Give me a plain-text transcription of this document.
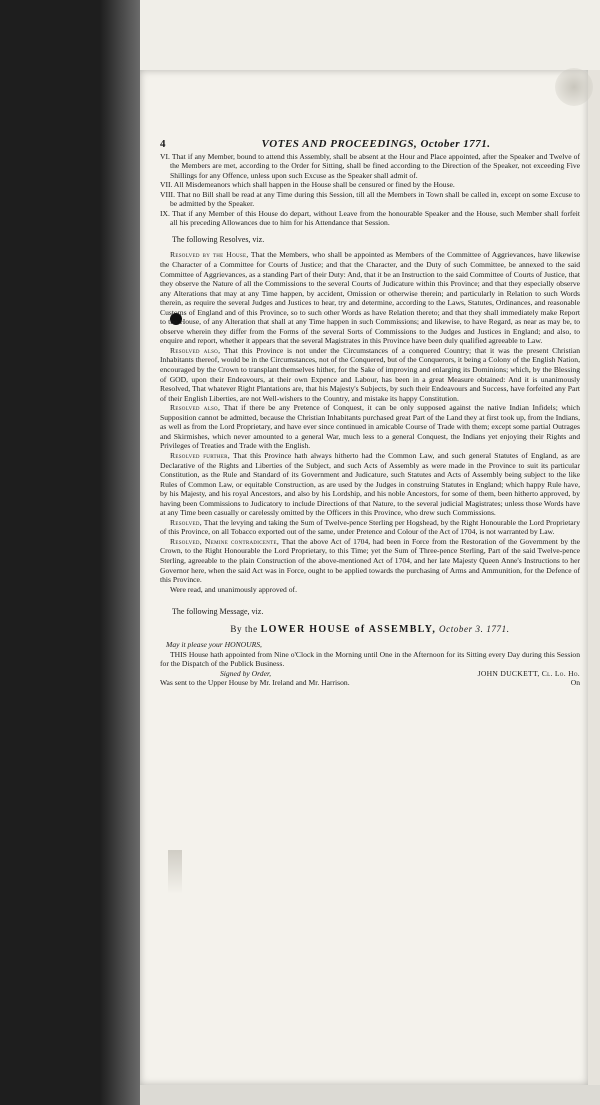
4	VOTES AND PROCEEDINGS, October 1771.

VI. That if any Member, bound to attend this Assembly, shall be absent at the Hour and Place appointed, after the Speaker and Twelve of the Members are met, according to the Order for Sitting, shall be fined according to the Direction of the Speaker, not exceeding Five Shillings for any Offence, unless upon such Excuse as the Speaker shall admit of.

VII. All Misdemeanors which shall happen in the House shall be censured or fined by the House.

VIII. That no Bill shall be read at any Time during this Session, till all the Members in Town shall be called in, except on some Excuse to be admitted by the Speaker.

IX. That if any Member of this House do depart, without Leave from the honourable Speaker and the House, such Member shall forfeit all his preceding Allowances due to him for his Attendance that Session.

The following Resolves, viz.

Resolved by the House, That the Members, who shall be appointed as Members of the Committee of Aggrievances, have likewise the Character of a Committee for Courts of Justice; and that the Character, and the Duty of such Committee, be annexed to the said Committee of Aggrievances, as a standing Part of their Duty: And, that it be an Instruction to the said Committee of Courts of Justice, that they observe the Nature of all the Commissions to the several Courts of Judicature within this Province; and that they especially observe any Alterations that may at any Time happen, by accident, Omission or otherwise therein; and particularly in Relation to such Words therein, as require the several Judges and Justices to hear, try and determine, according to the Laws, Statutes, Ordinances, and reasonable Customs of England and of this Province, so to such other Words as have Relation thereto; and that they shall immediately make Report to the House, of any Alteration that shall at any Time happen in such Commissions; and likewise, to have Regard, as near as may be, to observe wherein they differ from the Forms of the several Sorts of Commissions to the Judges and Justices in England; and also, to enquire and report, whether it appears that the several Magistrates in this Province have been duly qualified agreeable to Law.

Resolved also, That this Province is not under the Circumstances of a conquered Country; that it was the present Christian Inhabitants thereof, would be in the Circumstances, not of the Conquered, but of the Conquerors, it being a Colony of the English Nation, encouraged by the Crown to transplant themselves hither, for the Sake of improving and enlarging its Dominions; which, by the Blessing of GOD, upon their Endeavours, at their own Expence and Labour, has been in a great Measure obtained: And it is unanimously Resolved, That whatever Right Plantations are, that his Majesty's Subjects, by such their Endeavours and Success, have forfeited any Part of their English Liberties, are not Well-wishers to the Country, and mistake its happy Constitution.

Resolved also, That if there be any Pretence of Conquest, it can be only supposed against the native Indian Infidels; which Supposition cannot be admitted, because the Christian Inhabitants purchased great Part of the Land they at first took up, from the Indians, as well as from the Lord Proprietary, and have ever since continued in amicable Course of Trade with them; except some partial Outrages and Skirmishes, which never amounted to a general War, much less to a general Conquest, the Indians yet enjoying their Rights and Privileges of Treaties and Trade with the English.

Resolved further, That this Province hath always hitherto had the Common Law, and such general Statutes of England, as are Declarative of the Rights and Liberties of the Subject, and such Acts of Assembly as were made in the Province to suit its particular Constitution, as the Rule and Standard of its Government and Judicature, such Statutes and Acts of Assembly being subject to the like Rules of Common Law, or equitable Construction, as are used by the Judges in construing Statutes in England; which happy Rule have, by his Majesty, and his royal Ancestors, and also by his Lordship, and his noble Ancestors, for some of them, been hitherto approved, by having been Commissions to Judicatory to include Directions of that Nature, to the several judicial Magistrates; unless those Words have at any Time been casually or carelessly omitted by the Officers in this Province, who drew such Commissions.

Resolved, That the levying and taking the Sum of Twelve-pence Sterling per Hogshead, by the Right Honourable the Lord Proprietary of this Province, on all Tobacco exported out of the same, under Pretence and Colour of the Act of 1704, is not warranted by Law.

Resolved, Nemine contradicente, That the above Act of 1704, had been in Force from the Restoration of the Government by the Crown, to the Right Honourable the Lord Proprietary, to this Time; yet the Sum of Three-pence Sterling, Part of the said Twelve-pence Sterling, agreeable to the plain Construction of the above-mentioned Act of 1704, and her late Majesty Queen Anne's Instructions to her Governor here, when the said Act was in Force, ought to be applied towards the purchasing of Arms and Ammunition, for the Defence of this Province.

Were read, and unanimously approved of.

The following Message, viz.

By the LOWER HOUSE of ASSEMBLY, October 3. 1771.

May it please your HONOURS,

THIS House hath appointed from Nine o'Clock in the Morning until One in the Afternoon for its Sitting every Day during this Session for the Dispatch of the Publick Business.

Signed by Order,	JOHN DUCKETT, Cl. Lo. Ho.
Was sent to the Upper House by Mr. Ireland and Mr. Harrison.	On
